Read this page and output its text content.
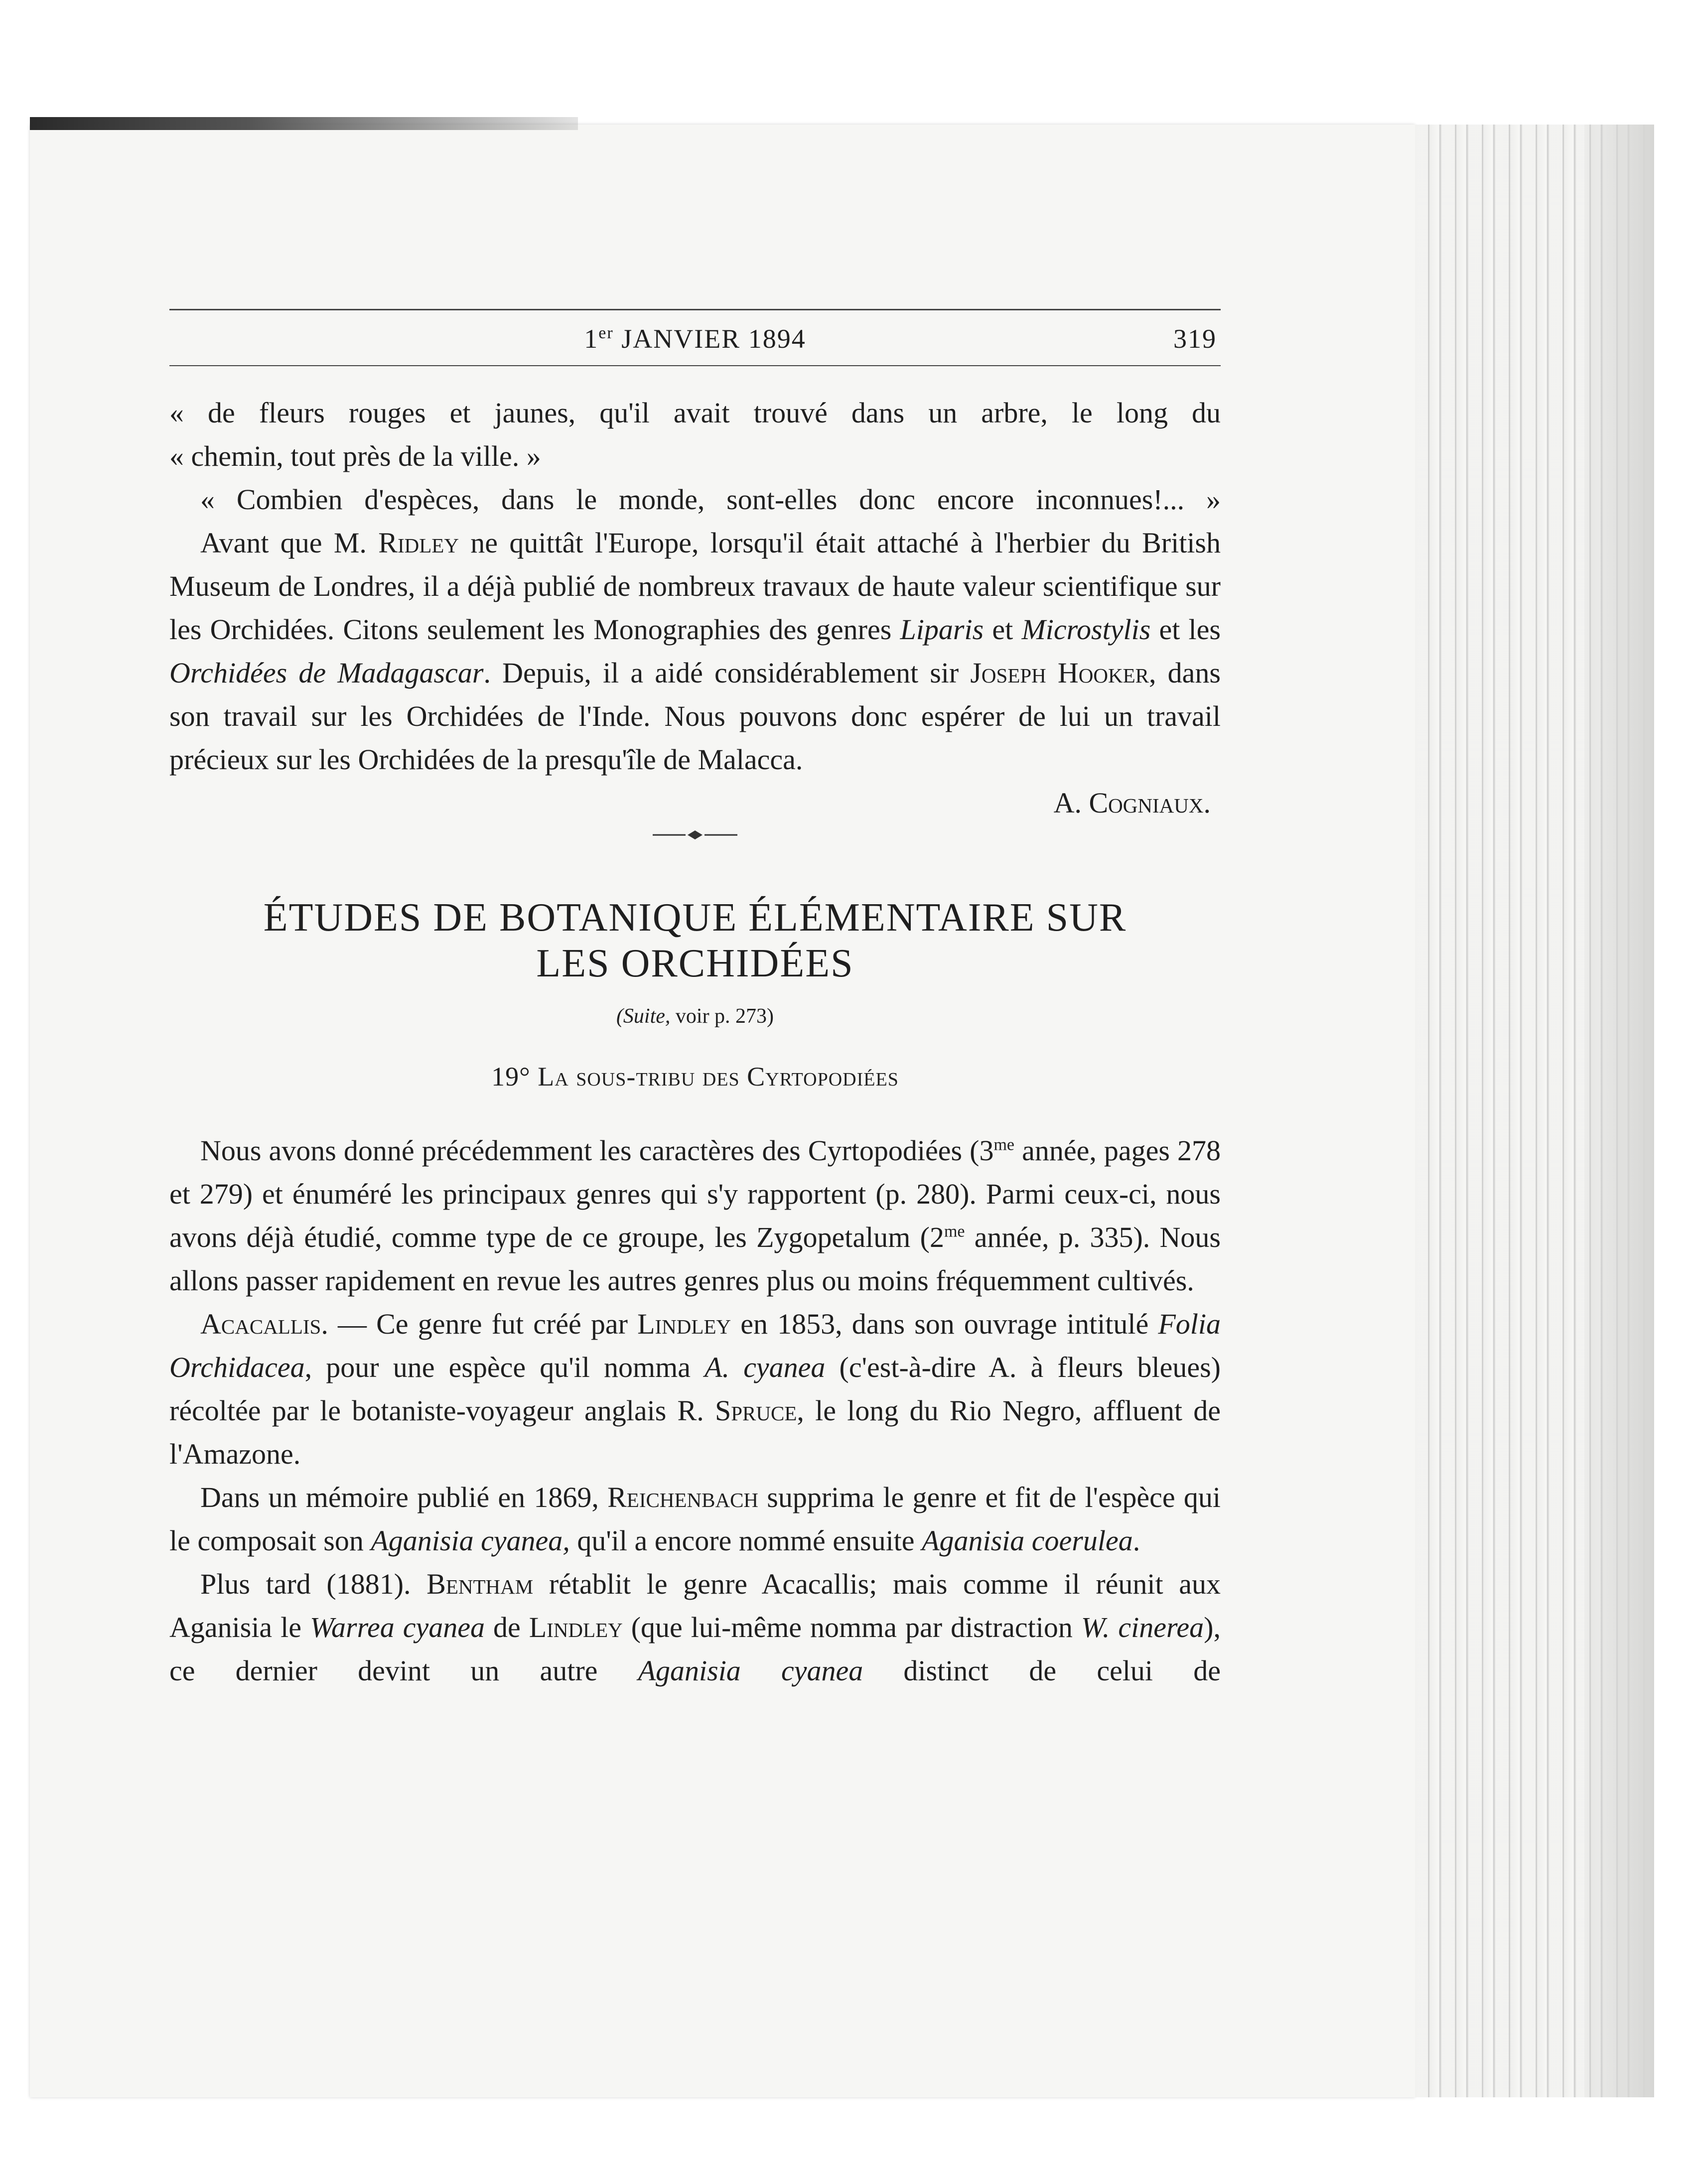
1er JANVIER 1894	319

« de fleurs rouges et jaunes, qu'il avait trouvé dans un arbre, le long du

« chemin, tout près de la ville. »

« Combien d'espèces, dans le monde, sont-elles donc encore inconnues!... »

Avant que M. Ridley ne quittât l'Europe, lorsqu'il était attaché à l'herbier du British Museum de Londres, il a déjà publié de nombreux travaux de haute valeur scientifique sur les Orchidées. Citons seulement les Monographies des genres Liparis et Microstylis et les Orchidées de Madagascar. Depuis, il a aidé considérablement sir Joseph Hooker, dans son travail sur les Orchidées de l'Inde. Nous pouvons donc espérer de lui un travail précieux sur les Orchidées de la presqu'île de Malacca.

A. Cogniaux.
ÉTUDES DE BOTANIQUE ÉLÉMENTAIRE SUR
LES ORCHIDÉES
(Suite, voir p. 273)
19° La sous-tribu des Cyrtopodiées

Nous avons donné précédemment les caractères des Cyrtopodiées ($3^{me}$ année, pages 278 et 279) et énuméré les principaux genres qui s'y rapportent (p. 280). Parmi ceux-ci, nous avons déjà étudié, comme type de ce groupe, les Zygopetalum ($2^{me}$ année, p. 335). Nous allons passer rapidement en revue les autres genres plus ou moins fréquemment cultivés.

Acacallis. — Ce genre fut créé par Lindley en 1853, dans son ouvrage intitulé Folia Orchidacea, pour une espèce qu'il nomma A. cyanea (c'est-à-dire A. à fleurs bleues) récoltée par le botaniste-voyageur anglais R. Spruce, le long du Rio Negro, affluent de l'Amazone.

Dans un mémoire publié en 1869, Reichenbach supprima le genre et fit de l'espèce qui le composait son Aganisia cyanea, qu'il a encore nommé ensuite Aganisia coerulea.

Plus tard (1881). Bentham rétablit le genre Acacallis; mais comme il réunit aux Aganisia le Warrea cyanea de Lindley (que lui-même nomma par distraction W. cinerea), ce dernier devint un autre Aganisia cyanea distinct de celui de
